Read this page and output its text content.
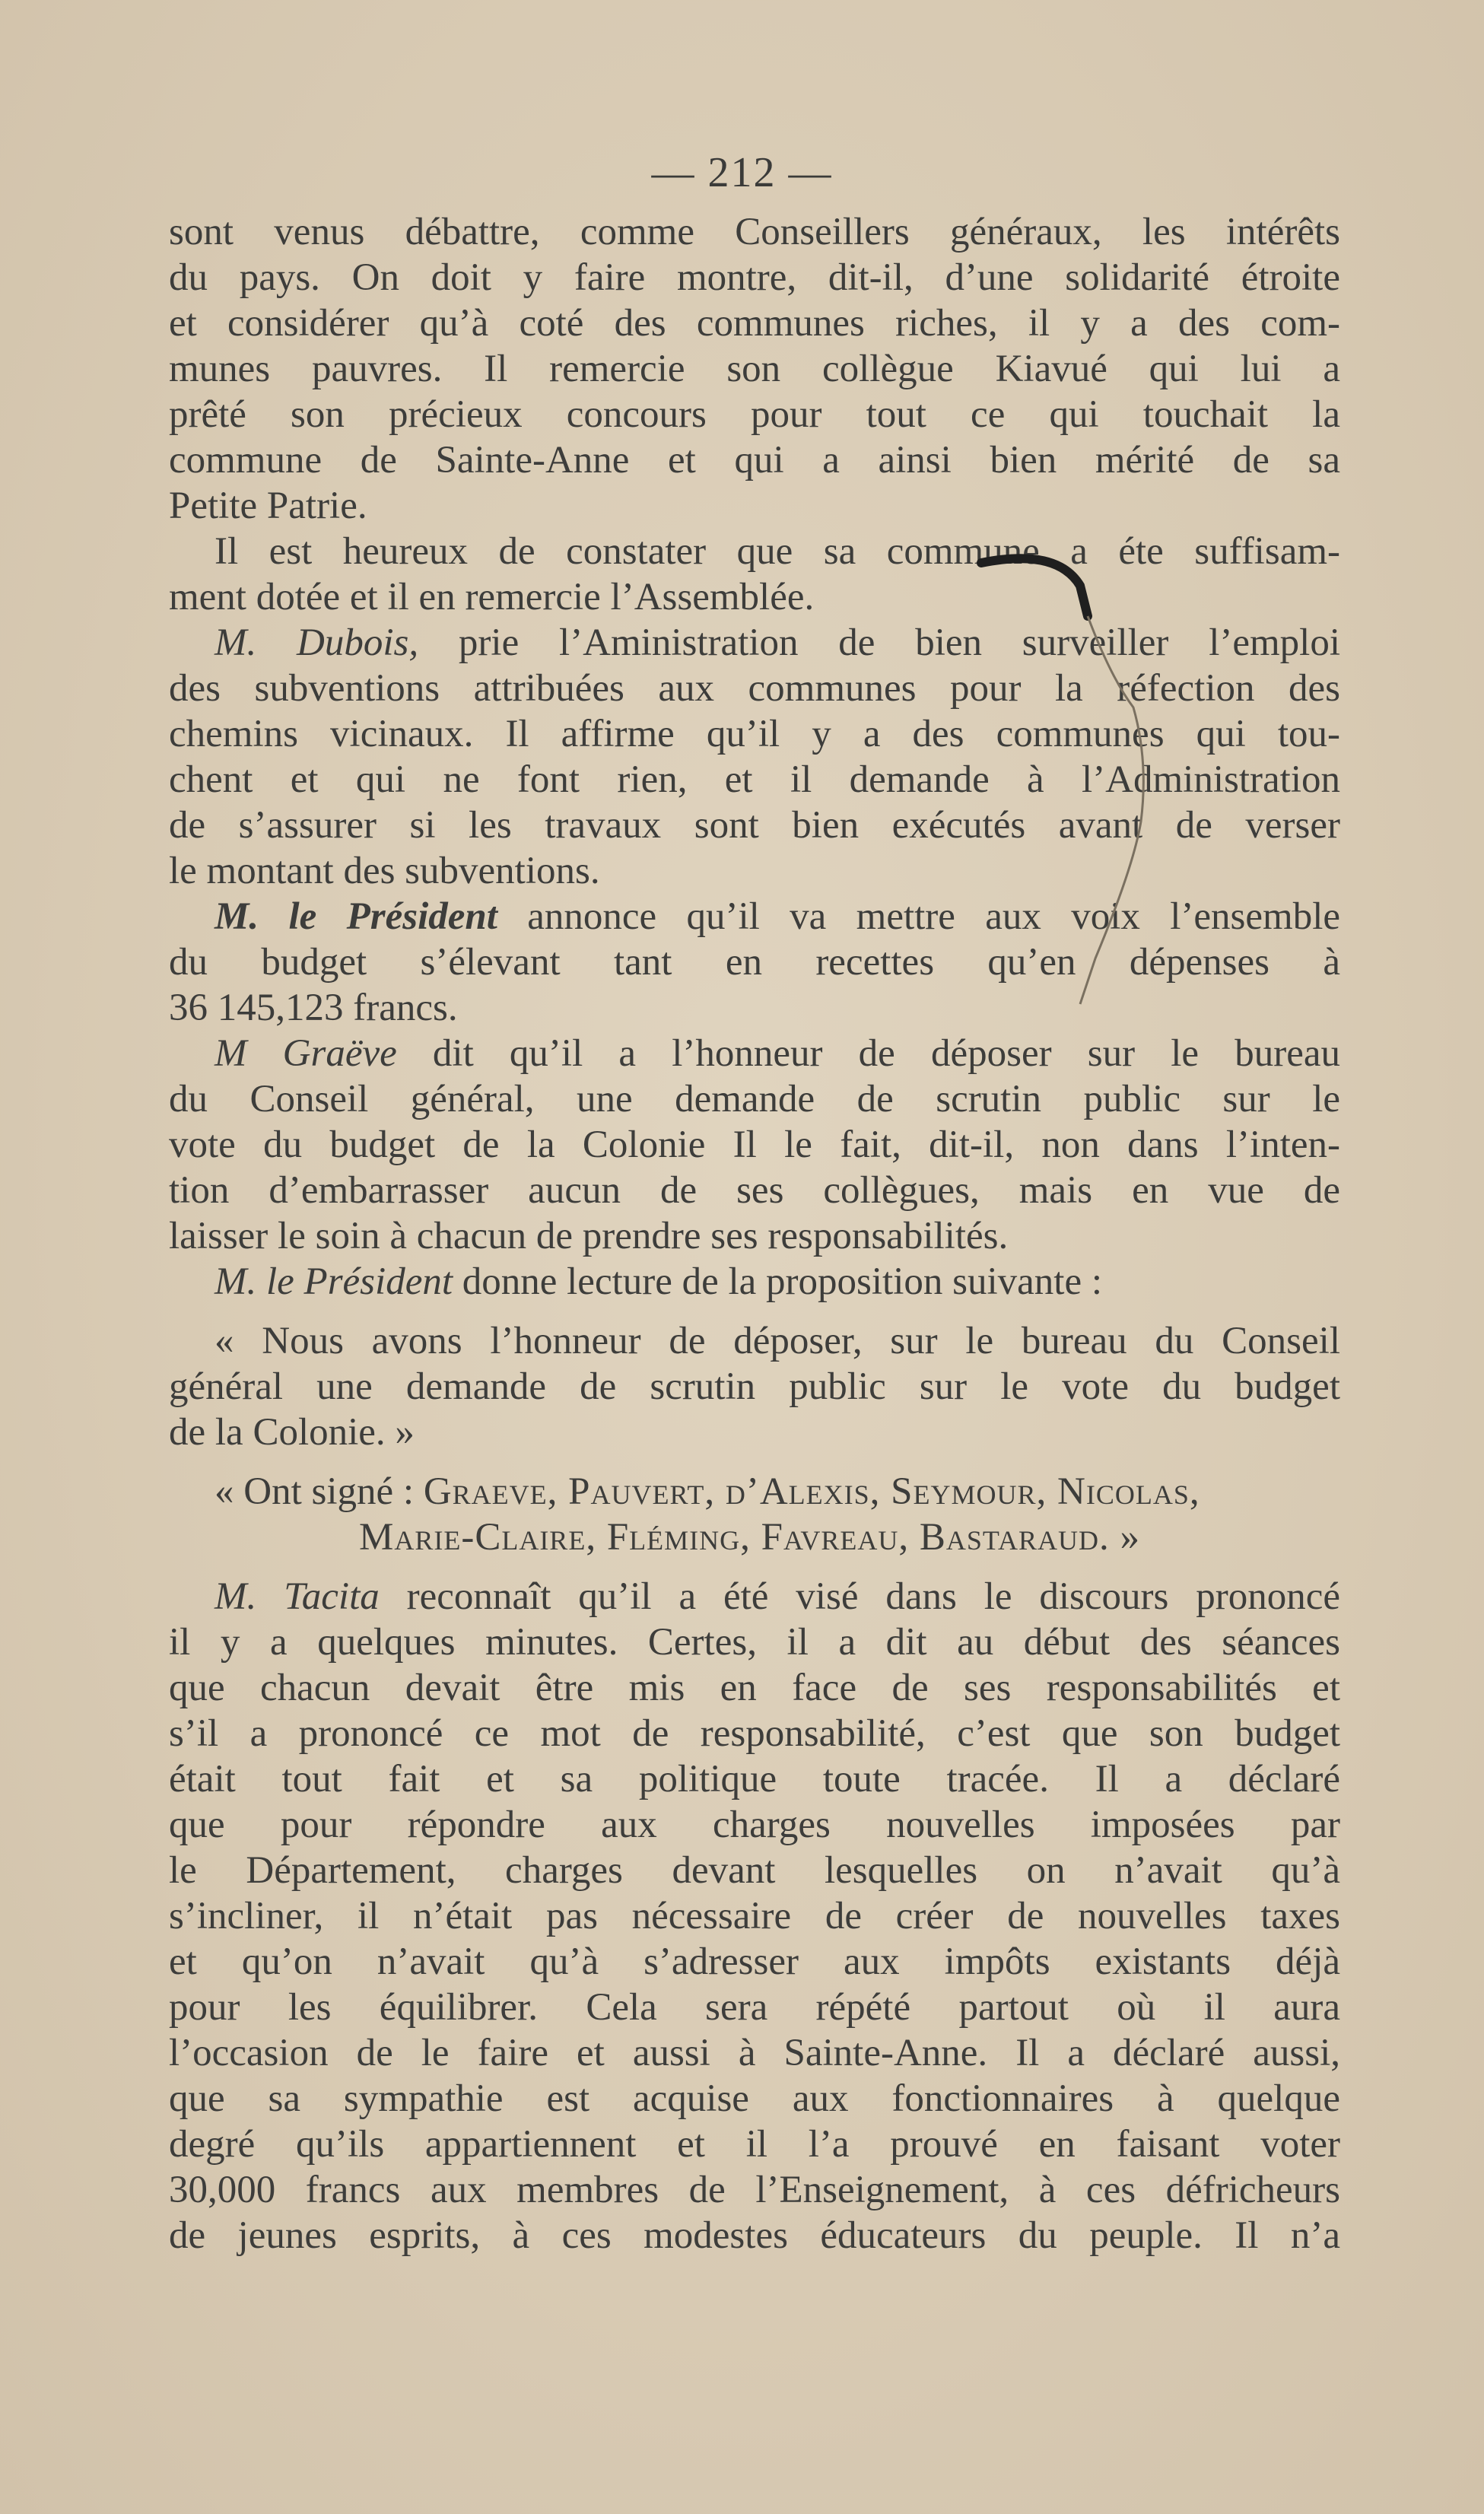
— 212 —

sont venus débattre, comme Conseillers généraux, les intérêts
du pays. On doit y faire montre, dit-il, d’une solidarité étroite
et considérer qu’à coté des communes riches, il y a des com-
munes pauvres. Il remercie son collègue Kiavué qui lui a
prêté son précieux concours pour tout ce qui touchait la
commune de Sainte-Anne et qui a ainsi bien mérité de sa
Petite Patrie.

Il est heureux de constater que sa commune a éte suffisam-
ment dotée et il en remercie l’Assemblée.

M. Dubois, prie l’Aministration de bien surveiller l’emploi
des subventions attribuées aux communes pour la réfection des
chemins vicinaux. Il affirme qu’il y a des communes qui tou-
chent et qui ne font rien, et il demande à l’Administration
de s’assurer si les travaux sont bien exécutés avant de verser
le montant des subventions.

M. le Président annonce qu’il va mettre aux voix l’ensemble
du budget s’élevant tant en recettes qu’en dépenses à
36 145,123 francs.

M Graëve dit qu’il a l’honneur de déposer sur le bureau
du Conseil général, une demande de scrutin public sur le
vote du budget de la Colonie Il le fait, dit-il, non dans l’inten-
tion d’embarrasser aucun de ses collègues, mais en vue de
laisser le soin à chacun de prendre ses responsabilités.

M. le Président donne lecture de la proposition suivante :

« Nous avons l’honneur de déposer, sur le bureau du Conseil
général une demande de scrutin public sur le vote du budget
de la Colonie. »

« Ont signé : Graeve, Pauvert, d’Alexis, Seymour, Nicolas,
Marie-Claire, Fléming, Favreau, Bastaraud. »

M. Tacita reconnaît qu’il a été visé dans le discours prononcé
il y a quelques minutes. Certes, il a dit au début des séances
que chacun devait être mis en face de ses responsabilités et
s’il a prononcé ce mot de responsabilité, c’est que son budget
était tout fait et sa politique toute tracée. Il a déclaré
que pour répondre aux charges nouvelles imposées par
le Département, charges devant lesquelles on n’avait qu’à
s’incliner, il n’était pas nécessaire de créer de nouvelles taxes
et qu’on n’avait qu’à s’adresser aux impôts existants déjà
pour les équilibrer. Cela sera répété partout où il aura
l’occasion de le faire et aussi à Sainte-Anne. Il a déclaré aussi,
que sa sympathie est acquise aux fonctionnaires à quelque
degré qu’ils appartiennent et il l’a prouvé en faisant voter
30,000 francs aux membres de l’Enseignement, à ces défricheurs
de jeunes esprits, à ces modestes éducateurs du peuple. Il n’a
